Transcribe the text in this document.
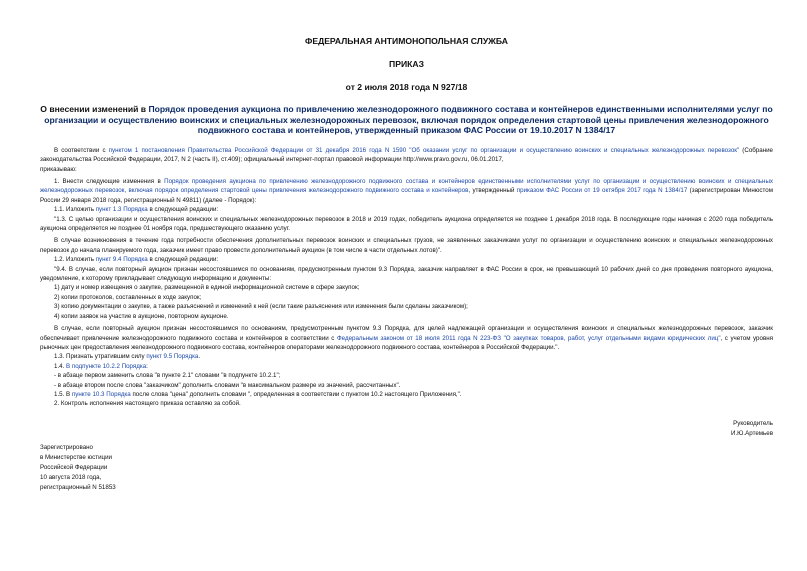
ФЕДЕРАЛЬНАЯ АНТИМОНОПОЛЬНАЯ СЛУЖБА
ПРИКАЗ
от 2 июля 2018 года N 927/18
О внесении изменений в Порядок проведения аукциона по привлечению железнодорожного подвижного состава и контейнеров единственными исполнителями услуг по организации и осуществлению воинских и специальных железнодорожных перевозок, включая порядок определения стартовой цены привлечения железнодорожного подвижного состава и контейнеров, утвержденный приказом ФАС России от 19.10.2017 N 1384/17

В соответствии с пунктом 1 постановления Правительства Российской Федерации от 31 декабря 2016 года N 1590 "Об оказании услуг по организации и осуществлению воинских и специальных железнодорожных перевозок" (Собрание законодательства Российской Федерации, 2017, N 2 (часть II), ст.409); официальный интернет-портал правовой информации http://www.pravo.gov.ru, 06.01.2017,

приказываю:

1. Внести следующие изменения в Порядок проведения аукциона по привлечению железнодорожного подвижного состава и контейнеров единственными исполнителями услуг по организации и осуществлению воинских и специальных железнодорожных перевозок, включая порядок определения стартовой цены привлечения железнодорожного подвижного состава и контейнеров, утвержденный приказом ФАС России от 19 октября 2017 года N 1384/17 (зарегистрирован Минюстом России 29 января 2018 года, регистрационный N 49811) (далее - Порядок):

1.1. Изложить пункт 1.3 Порядка в следующей редакции:

"1.3. С целью организации и осуществления воинских и специальных железнодорожных перевозок в 2018 и 2019 годах, победитель аукциона определяется не позднее 1 декабря 2018 года. В последующие годы начиная с 2020 года победитель аукциона определяется не позднее 01 ноября года, предшествующего оказанию услуг.

В случае возникновения в течение года потребности обеспечения дополнительных перевозок воинских и специальных грузов, не заявленных заказчиками услуг по организации и осуществлению воинских и специальных железнодорожных перевозок до начала планируемого года, заказчик имеет право провести дополнительный аукцион (в том числе в части отдельных лотов)".

1.2. Изложить пункт 9.4 Порядка в следующей редакции:

"9.4. В случае, если повторный аукцион признан несостоявшимся по основаниям, предусмотренным пунктом 9.3 Порядка, заказчик направляет в ФАС России в срок, не превышающий 10 рабочих дней со дня проведения повторного аукциона, уведомление, к которому прикладывает следующую информацию и документы:

1) дату и номер извещения о закупке, размещенной в единой информационной системе в сфере закупок;

2) копии протоколов, составленных в ходе закупок;

3) копию документации о закупке, а также разъяснений и изменений к ней (если такие разъяснения или изменения были сделаны заказчиком);

4) копии заявок на участие в аукционе, повторном аукционе.

В случае, если повторный аукцион признан несостоявшимся по основаниям, предусмотренным пунктом 9.3 Порядка, для целей надлежащей организации и осуществления воинских и специальных железнодорожных перевозок, заказчик обеспечивает привлечение железнодорожного подвижного состава и контейнеров в соответствии с Федеральным законом от 18 июля 2011 года N 223-ФЗ "О закупках товаров, работ, услуг отдельными видами юридических лиц", с учетом уровня рыночных цен предоставления железнодорожного подвижного состава, контейнеров операторами железнодорожного подвижного состава, контейнеров в Российской Федерации.".

1.3. Признать утратившим силу пункт 9.5 Порядка.

1.4. В подпункте 10.2.2 Порядка:

- в абзаце первом заменить слова "в пункте 2.1" словами "в подпункте 10.2.1";

- в абзаце втором после слова "заказчиком" дополнить словами "в максимальном размере из значений, рассчитанных".

1.5. В пункте 10.3 Порядка после слова "цена" дополнить словами ", определенная в соответствии с пунктом 10.2 настоящего Приложения,".

2. Контроль исполнения настоящего приказа оставляю за собой.

Руководитель
И.Ю.Артемьев
Зарегистрировано
в Министерстве юстиции
Российской Федерации
10 августа 2018 года,
регистрационный N 51853
